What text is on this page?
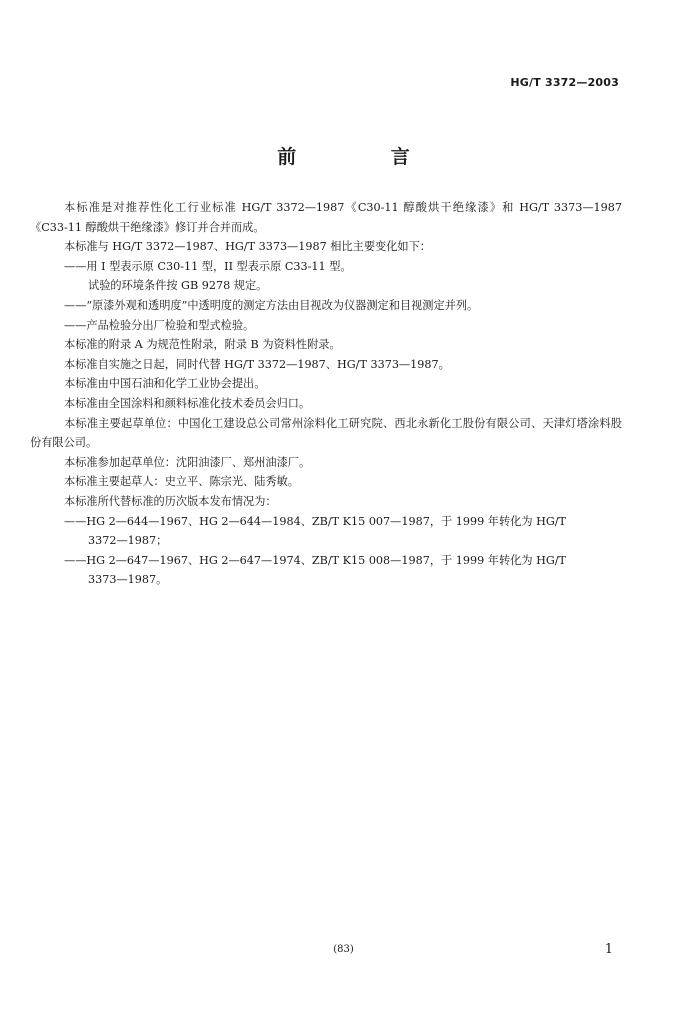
HG/T 3372—2003
前 言

本标准是对推荐性化工行业标准 HG/T 3372—1987《C30-11 醇酸烘干绝缘漆》和 HG/T 3373—1987《C33-11 醇酸烘干绝缘漆》修订并合并而成。

本标准与 HG/T 3372—1987、HG/T 3373—1987 相比主要变化如下：

——用 I 型表示原 C30-11 型，II 型表示原 C33-11 型。

试验的环境条件按 GB 9278 规定。

——“原漆外观和透明度”中透明度的测定方法由目视改为仪器测定和目视测定并列。

——产品检验分出厂检验和型式检验。

本标准的附录 A 为规范性附录，附录 B 为资料性附录。

本标准自实施之日起，同时代替 HG/T 3372—1987、HG/T 3373—1987。

本标准由中国石油和化学工业协会提出。

本标准由全国涂料和颜料标准化技术委员会归口。

本标准主要起草单位：中国化工建设总公司常州涂料化工研究院、西北永新化工股份有限公司、天津灯塔涂料股份有限公司。

本标准参加起草单位：沈阳油漆厂、郑州油漆厂。

本标准主要起草人：史立平、陈宗光、陆秀敏。

本标准所代替标准的历次版本发布情况为：

——HG 2—644—1967、HG 2—644—1984、ZB/T K15 007—1987，于 1999 年转化为 HG/T
3372—1987；

——HG 2—647—1967、HG 2—647—1974、ZB/T K15 008—1987，于 1999 年转化为 HG/T
3373—1987。

(83)	1
